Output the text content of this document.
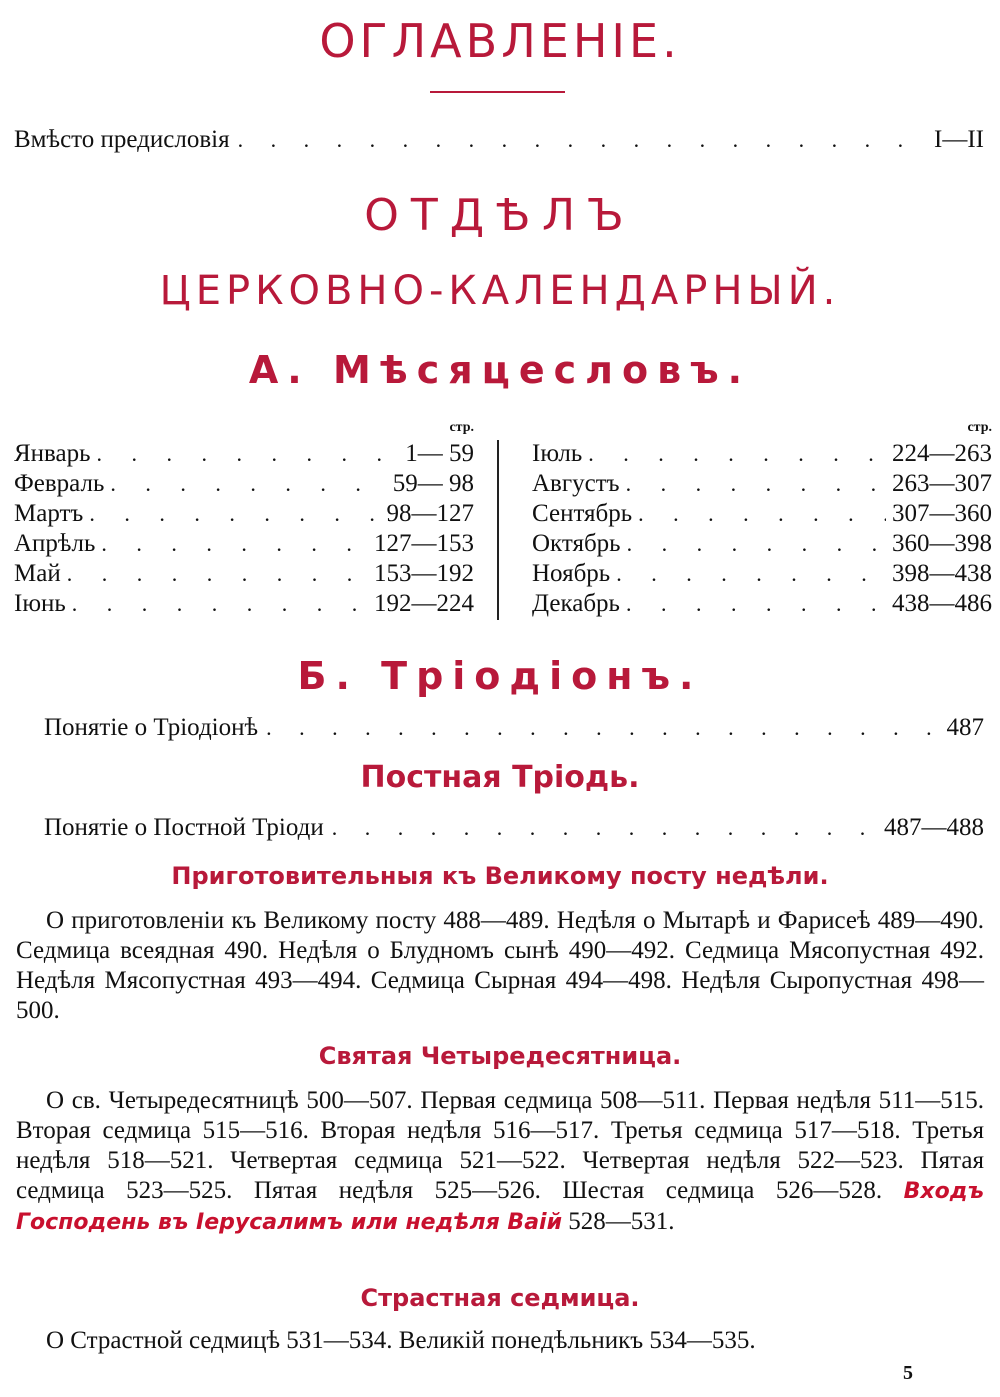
ОГЛАВЛЕНІЕ.
Вмѣсто предисловія . . .	I—II
ОТДѢЛЪ
ЦЕРКОВНО-КАЛЕНДАРНЫЙ.
А. Мѣсяцесловъ.
стр.
Январь . . .	1— 59
Февраль . . .	59— 98
Мартъ . . .	98—127
Апрѣль . . .	127—153
Май . . .	153—192
Іюнь . . .	192—224
стр.
Іюль . . .	224—263
Августъ . . .	263—307
Сентябрь . . .	307—360
Октябрь . . .	360—398
Ноябрь . . .	398—438
Декабрь . . .	438—486
Б. Тріодіонъ.
Понятіе о Тріодіонѣ . . .	487
Постная Тріодь.
Понятіе о Постной Тріоди . . .	487—488
Приготовительныя къ Великому посту недѣли.
О приготовленіи къ Великому посту 488—489. Недѣля о Мытарѣ и Фарисеѣ 489—490. Седмица всеядная 490. Недѣля о Блудномъ сынѣ 490—492. Седмица Мясопустная 492. Недѣля Мясопустная 493—494. Седмица Сырная 494—498. Недѣля Сыропустная 498—500.
Святая Четыредесятница.
О св. Четыредесятницѣ 500—507. Первая седмица 508—511. Первая недѣля 511—515. Вторая седмица 515—516. Вторая недѣля 516—517. Третья седмица 517—518. Третья недѣля 518—521. Четвертая седмица 521—522. Четвертая недѣля 522—523. Пятая седмица 523—525. Пятая недѣля 525—526. Шестая седмица 526—528. Входъ Господень въ Іерусалимъ или недѣля Ваій 528—531.
Страстная седмица.
О Страстной седмицѣ 531—534. Великій понедѣльникъ 534—535.
5
